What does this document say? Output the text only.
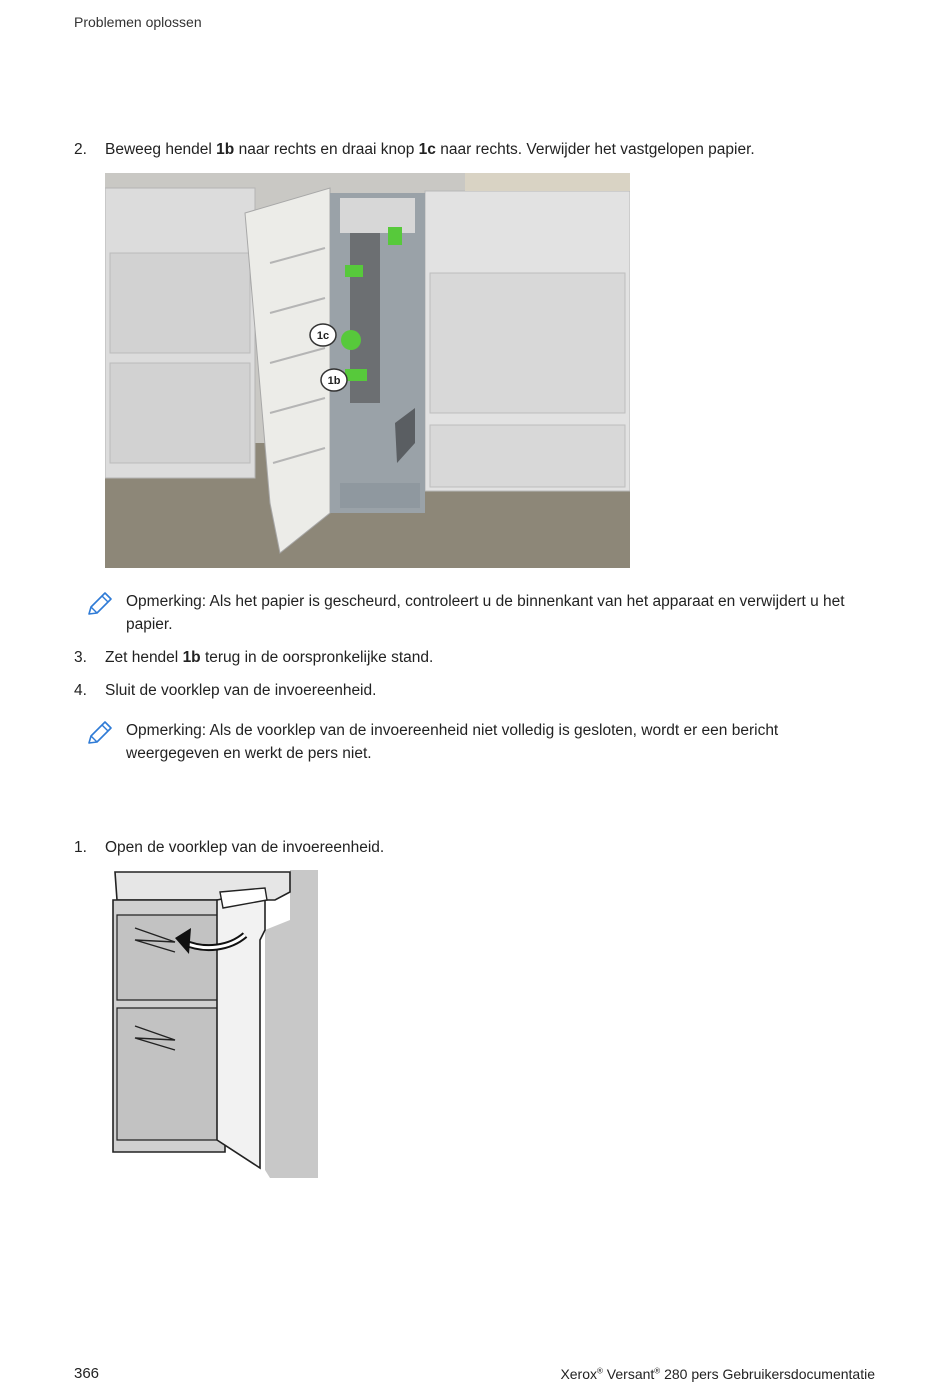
Problemen oplossen
2. Beweeg hendel 1b naar rechts en draai knop 1c naar rechts. Verwijder het vastgelopen papier.
1c
1b
Opmerking: Als het papier is gescheurd, controleert u de binnenkant van het apparaat en verwijdert u het papier.
3. Zet hendel 1b terug in de oorspronkelijke stand.
4. Sluit de voorklep van de invoereenheid.
Opmerking: Als de voorklep van de invoereenheid niet volledig is gesloten, wordt er een bericht weergegeven en werkt de pers niet.
1. Open de voorklep van de invoereenheid.
366	Xerox® Versant® 280 pers Gebruikersdocumentatie
